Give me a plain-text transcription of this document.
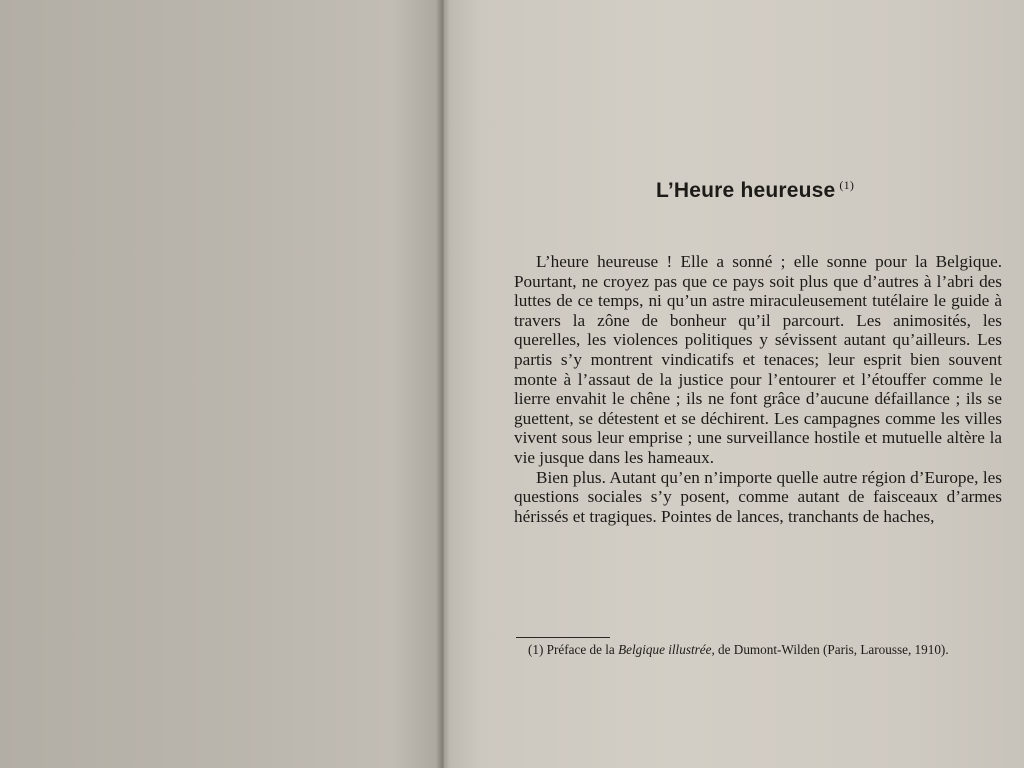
L’Heure heureuse $^{(1)}$

L’heure heureuse ! Elle a sonné ; elle sonne pour la Belgique. Pourtant, ne croyez pas que ce pays soit plus que d’autres à l’abri des luttes de ce temps, ni qu’un astre miraculeusement tutélaire le guide à travers la zône de bonheur qu’il parcourt. Les animosités, les querelles, les violences politiques y sévissent autant qu’ailleurs. Les partis s’y montrent vindicatifs et tenaces; leur esprit bien souvent monte à l’assaut de la justice pour l’entourer et l’étouffer comme le lierre envahit le chêne ; ils ne font grâce d’aucune défaillance ; ils se guettent, se détestent et se déchirent. Les campagnes comme les villes vivent sous leur emprise ; une surveillance hostile et mutuelle altère la vie jusque dans les hameaux.

Bien plus. Autant qu’en n’importe quelle autre région d’Europe, les questions sociales s’y posent, comme autant de faisceaux d’armes hérissés et tragiques. Pointes de lances, tranchants de haches,

(1) Préface de la Belgique illustrée, de Dumont-Wilden (Paris, Larousse, 1910).
